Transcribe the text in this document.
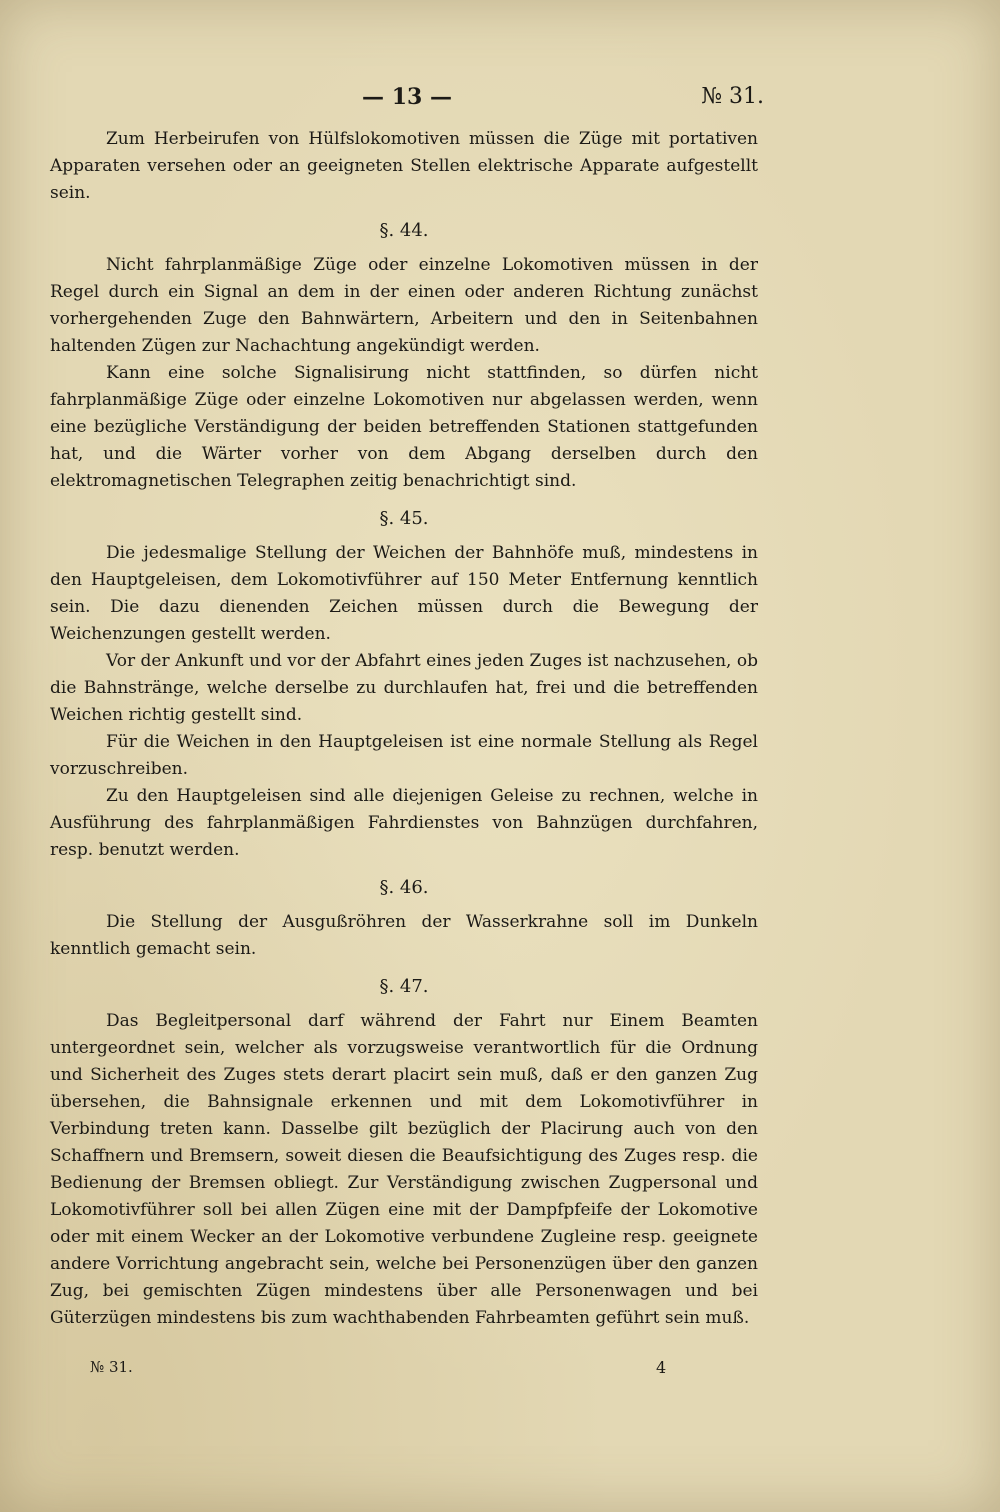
— 13 —	№ 31.

Zum Herbeirufen von Hülfslokomotiven müssen die Züge mit portativen Apparaten versehen oder an geeigneten Stellen elektrische Apparate aufgestellt sein.

§. 44.

Nicht fahrplanmäßige Züge oder einzelne Lokomotiven müssen in der Regel durch ein Signal an dem in der einen oder anderen Richtung zunächst vorhergehenden Zuge den Bahnwärtern, Arbeitern und den in Seitenbahnen haltenden Zügen zur Nachachtung angekündigt werden.

Kann eine solche Signalisirung nicht stattfinden, so dürfen nicht fahrplanmäßige Züge oder einzelne Lokomotiven nur abgelassen werden, wenn eine bezügliche Verständigung der beiden betreffenden Stationen stattgefunden hat, und die Wärter vorher von dem Abgang derselben durch den elektromagnetischen Telegraphen zeitig benachrichtigt sind.

§. 45.

Die jedesmalige Stellung der Weichen der Bahnhöfe muß, mindestens in den Hauptgeleisen, dem Lokomotivführer auf 150 Meter Entfernung kenntlich sein. Die dazu dienenden Zeichen müssen durch die Bewegung der Weichenzungen gestellt werden.

Vor der Ankunft und vor der Abfahrt eines jeden Zuges ist nachzusehen, ob die Bahnstränge, welche derselbe zu durchlaufen hat, frei und die betreffenden Weichen richtig gestellt sind.

Für die Weichen in den Hauptgeleisen ist eine normale Stellung als Regel vorzuschreiben.

Zu den Hauptgeleisen sind alle diejenigen Geleise zu rechnen, welche in Ausführung des fahrplanmäßigen Fahrdienstes von Bahnzügen durchfahren, resp. benutzt werden.

§. 46.

Die Stellung der Ausgußröhren der Wasserkrahne soll im Dunkeln kenntlich gemacht sein.

§. 47.

Das Begleitpersonal darf während der Fahrt nur Einem Beamten untergeordnet sein, welcher als vorzugsweise verantwortlich für die Ordnung und Sicherheit des Zuges stets derart placirt sein muß, daß er den ganzen Zug übersehen, die Bahnsignale erkennen und mit dem Lokomotivführer in Verbindung treten kann. Dasselbe gilt bezüglich der Placirung auch von den Schaffnern und Bremsern, soweit diesen die Beaufsichtigung des Zuges resp. die Bedienung der Bremsen obliegt. Zur Verständigung zwischen Zugpersonal und Lokomotivführer soll bei allen Zügen eine mit der Dampfpfeife der Lokomotive oder mit einem Wecker an der Lokomotive verbundene Zugleine resp. geeignete andere Vorrichtung angebracht sein, welche bei Personenzügen über den ganzen Zug, bei gemischten Zügen mindestens über alle Personenwagen und bei Güterzügen mindestens bis zum wachthabenden Fahrbeamten geführt sein muß.

№ 31.	4
